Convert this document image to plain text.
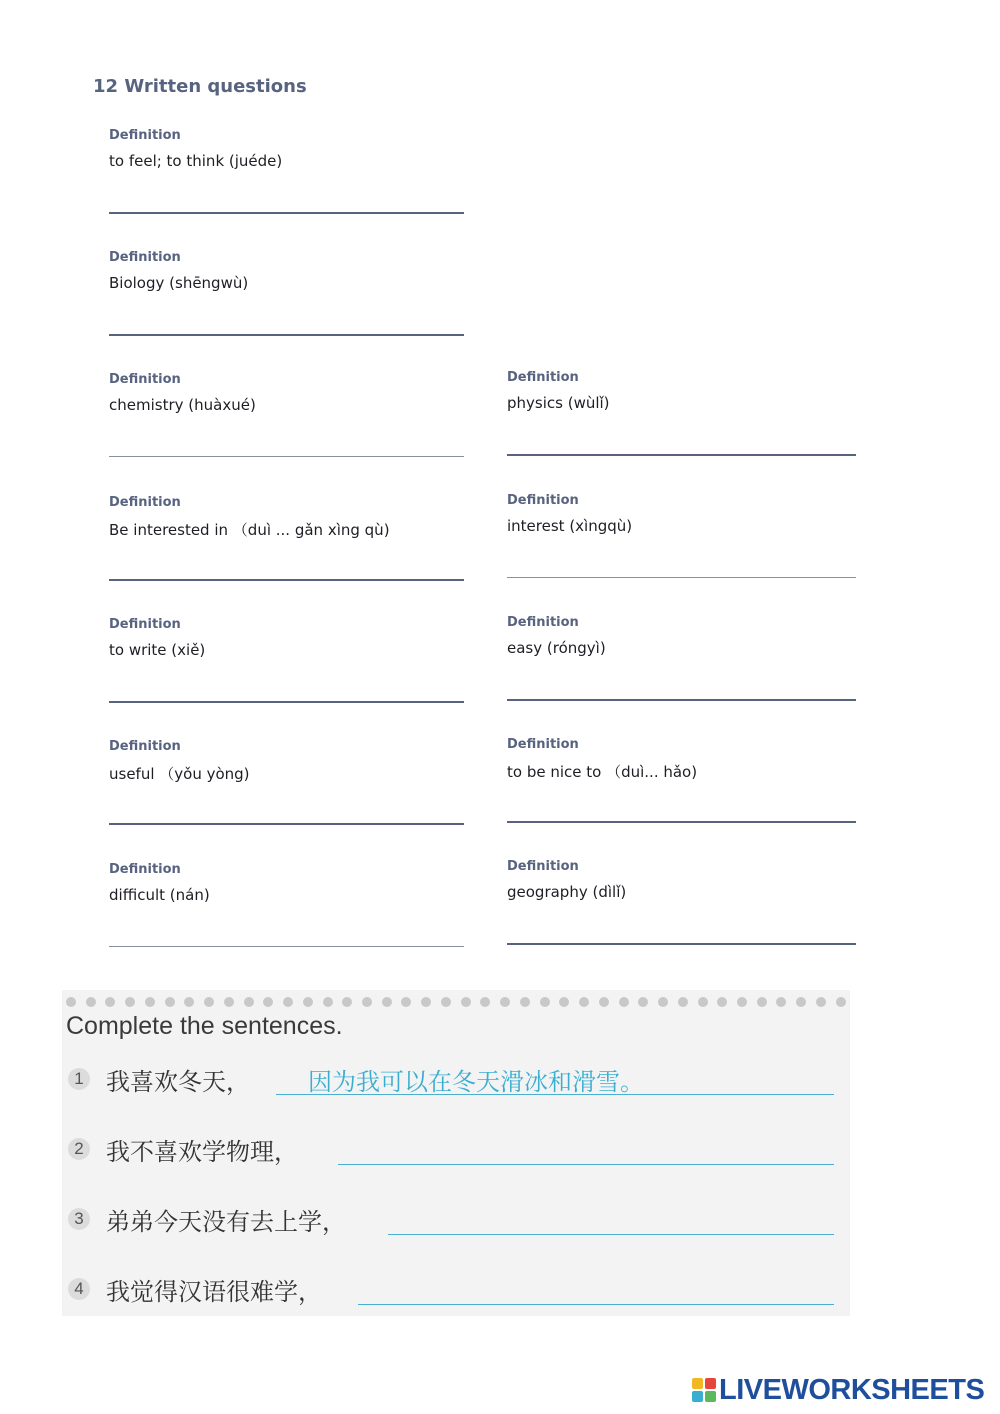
12 Written questions
Definition
to feel; to think (juéde)
Definition
Biology (shēngwù)
Definition
chemistry (huàxué)
Definition
Be interested in （duì ... gǎn xìng qù)
Definition
to write (xiě)
Definition
useful （yǒu yòng)
Definition
difficult (nán)
Definition
physics (wùlǐ)
Definition
interest (xìngqù)
Definition
easy (róngyì)
Definition
to be nice to （duì... hǎo)
Definition
geography (dìlǐ)
Complete the sentences.
1 我喜欢冬天， 因为我可以在冬天滑冰和滑雪。
2 我不喜欢学物理，
3 弟弟今天没有去上学，
4 我觉得汉语很难学，
LIVEWORKSHEETS
